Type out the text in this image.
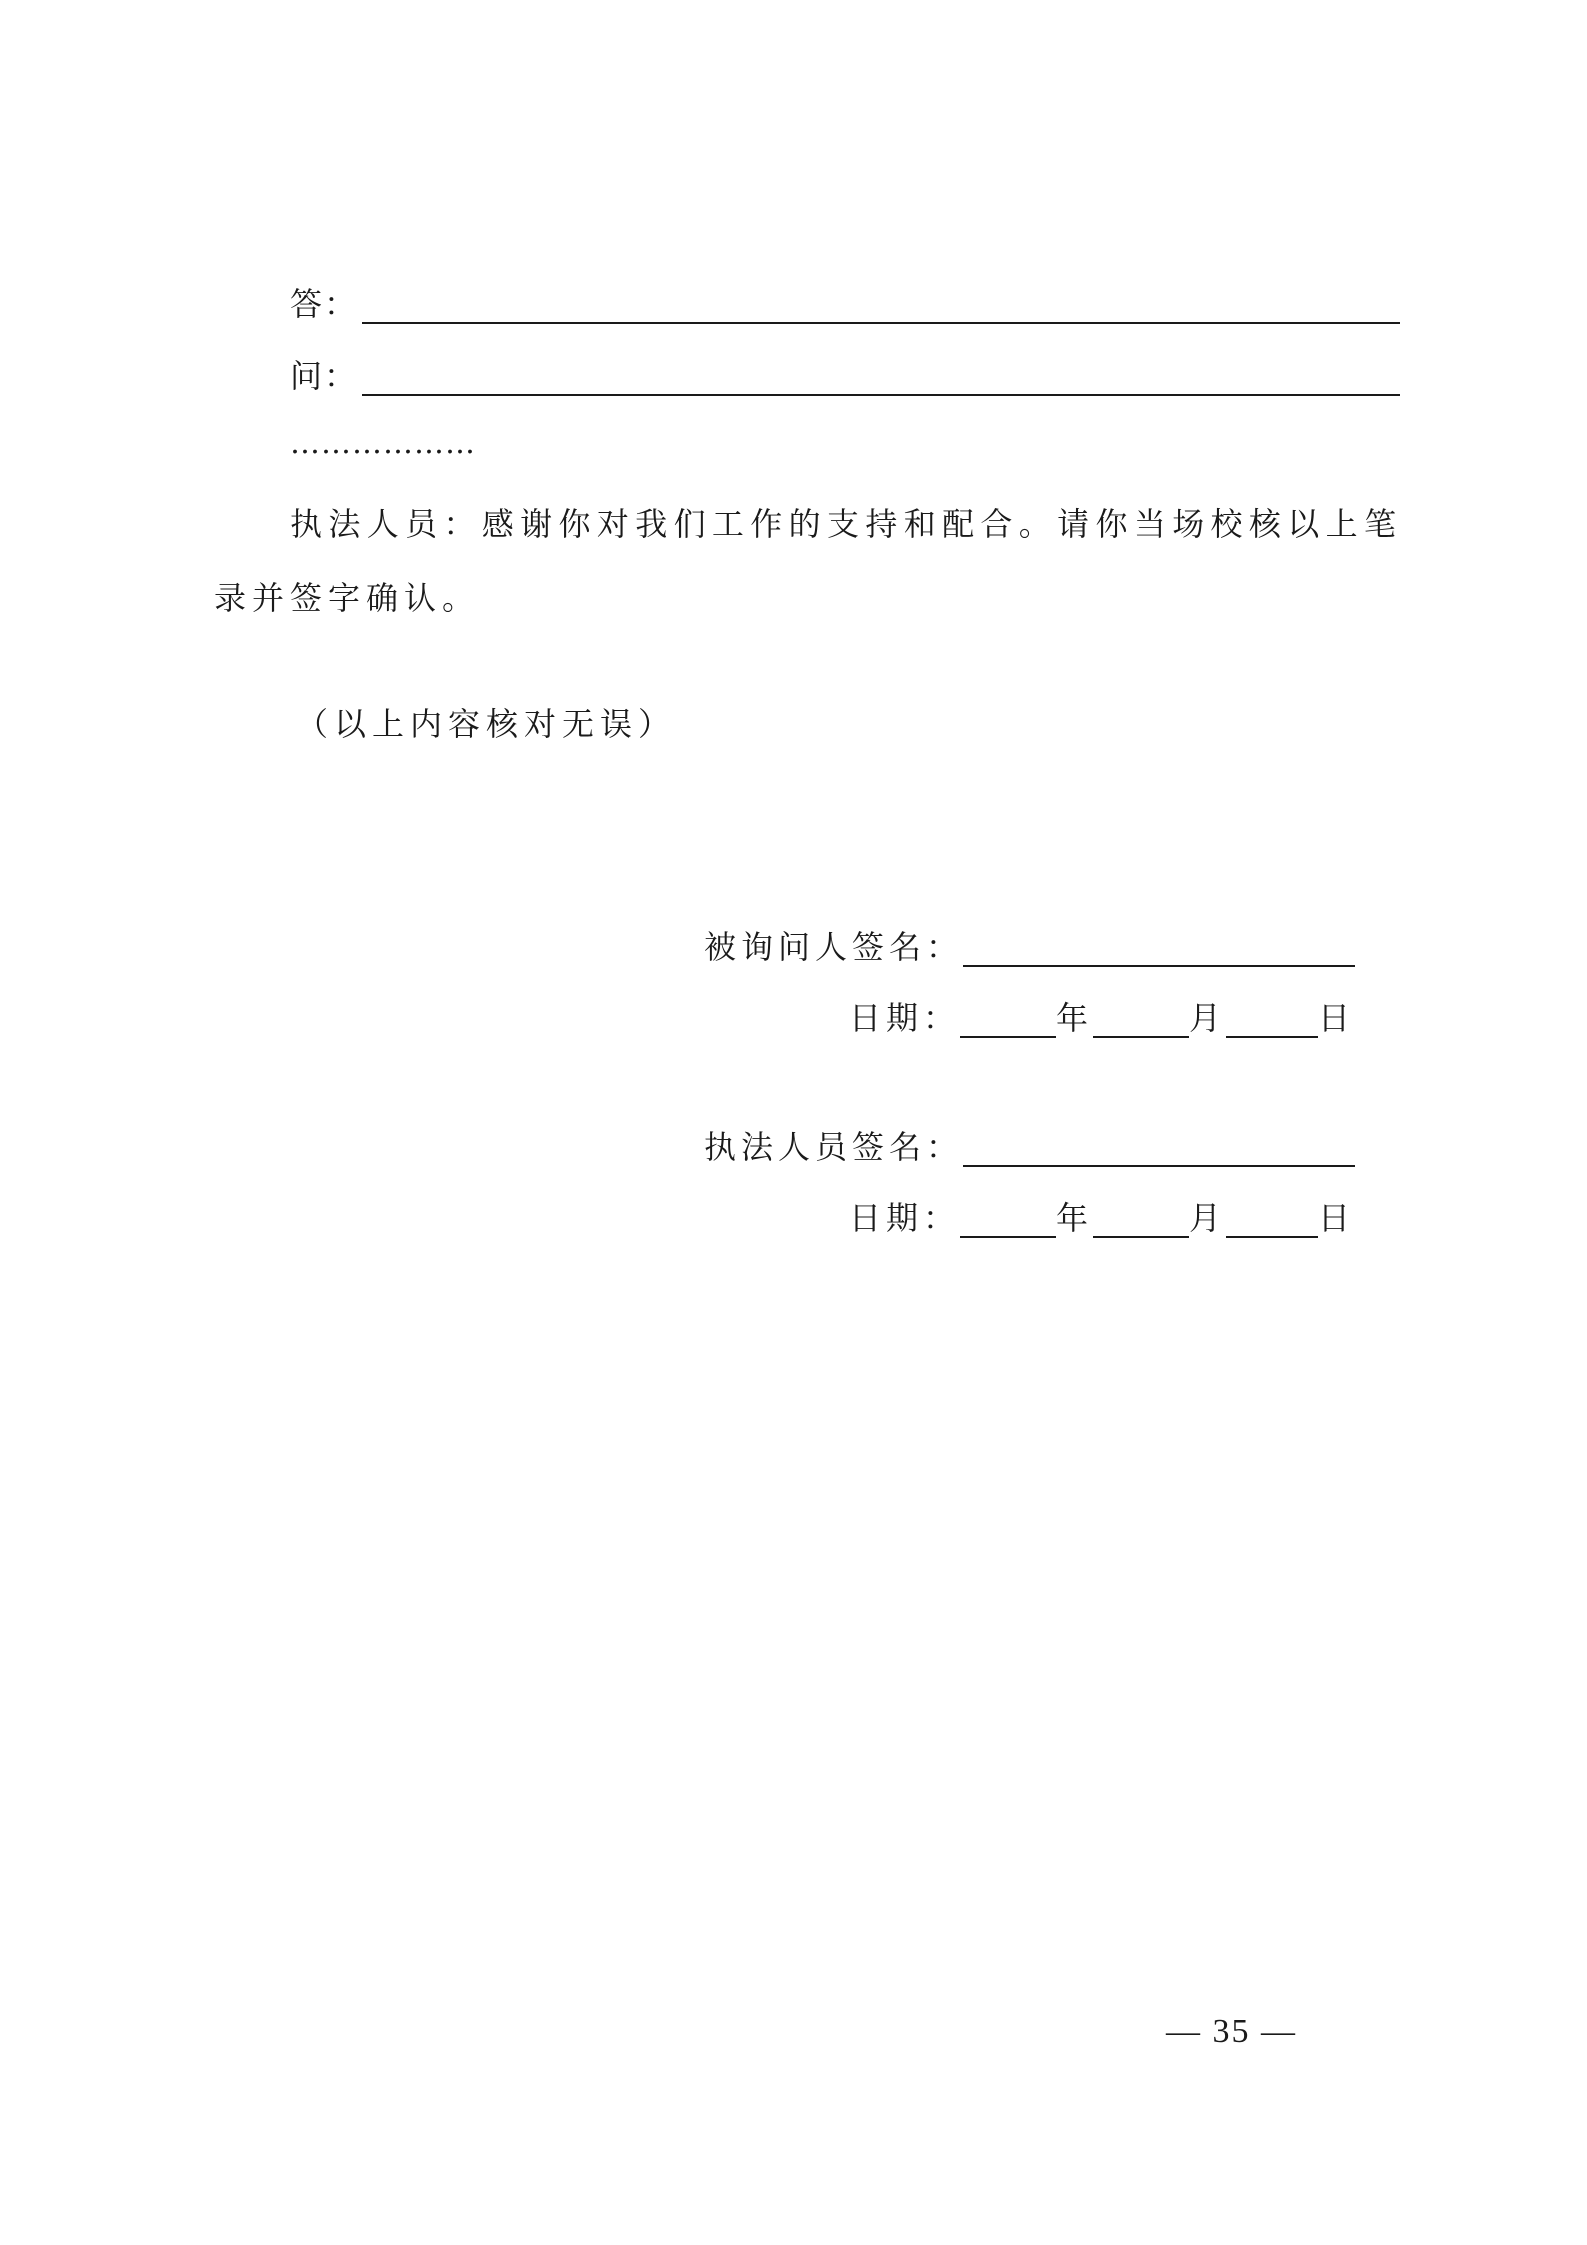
答：
问：
………………
执法人员：感谢你对我们工作的支持和配合。请你当场校核以上笔录并签字确认。
（以上内容核对无误）
被询问人签名：
日期：	年	月	日
执法人员签名：
日期：	年	月	日
— 35 —
